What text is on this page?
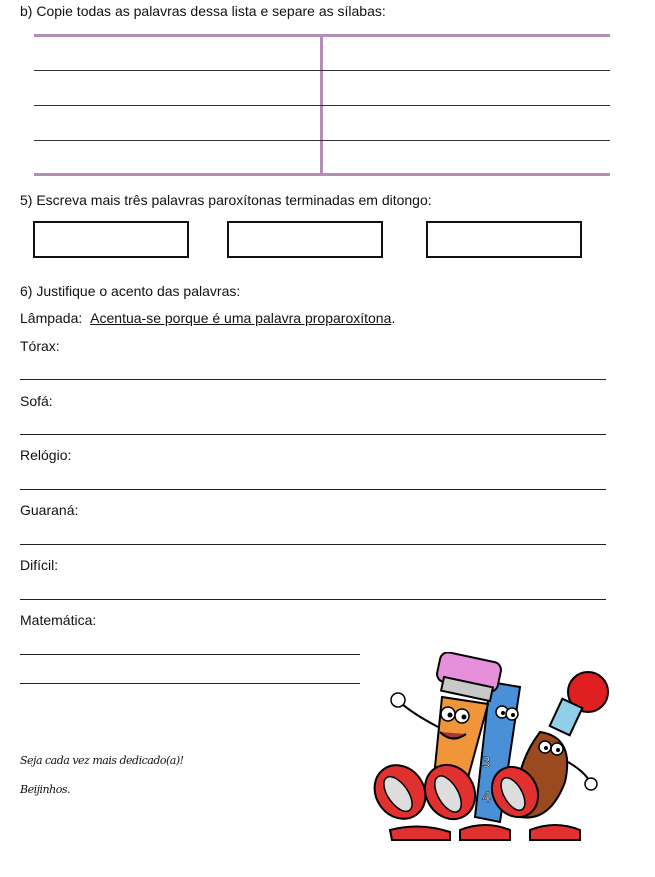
b) Copie todas as palavras dessa lista e separe as sílabas:
5) Escreva mais três palavras paroxítonas terminadas em ditongo:
6) Justifique o acento das palavras:
Lâmpada: Acentua-se porque é uma palavra proparoxítona.
Tórax:
Sofá:
Relógio:
Guaraná:
Difícil:
Matemática:
Seja cada vez mais dedicado(a)!
Beijinhos.
3
4
